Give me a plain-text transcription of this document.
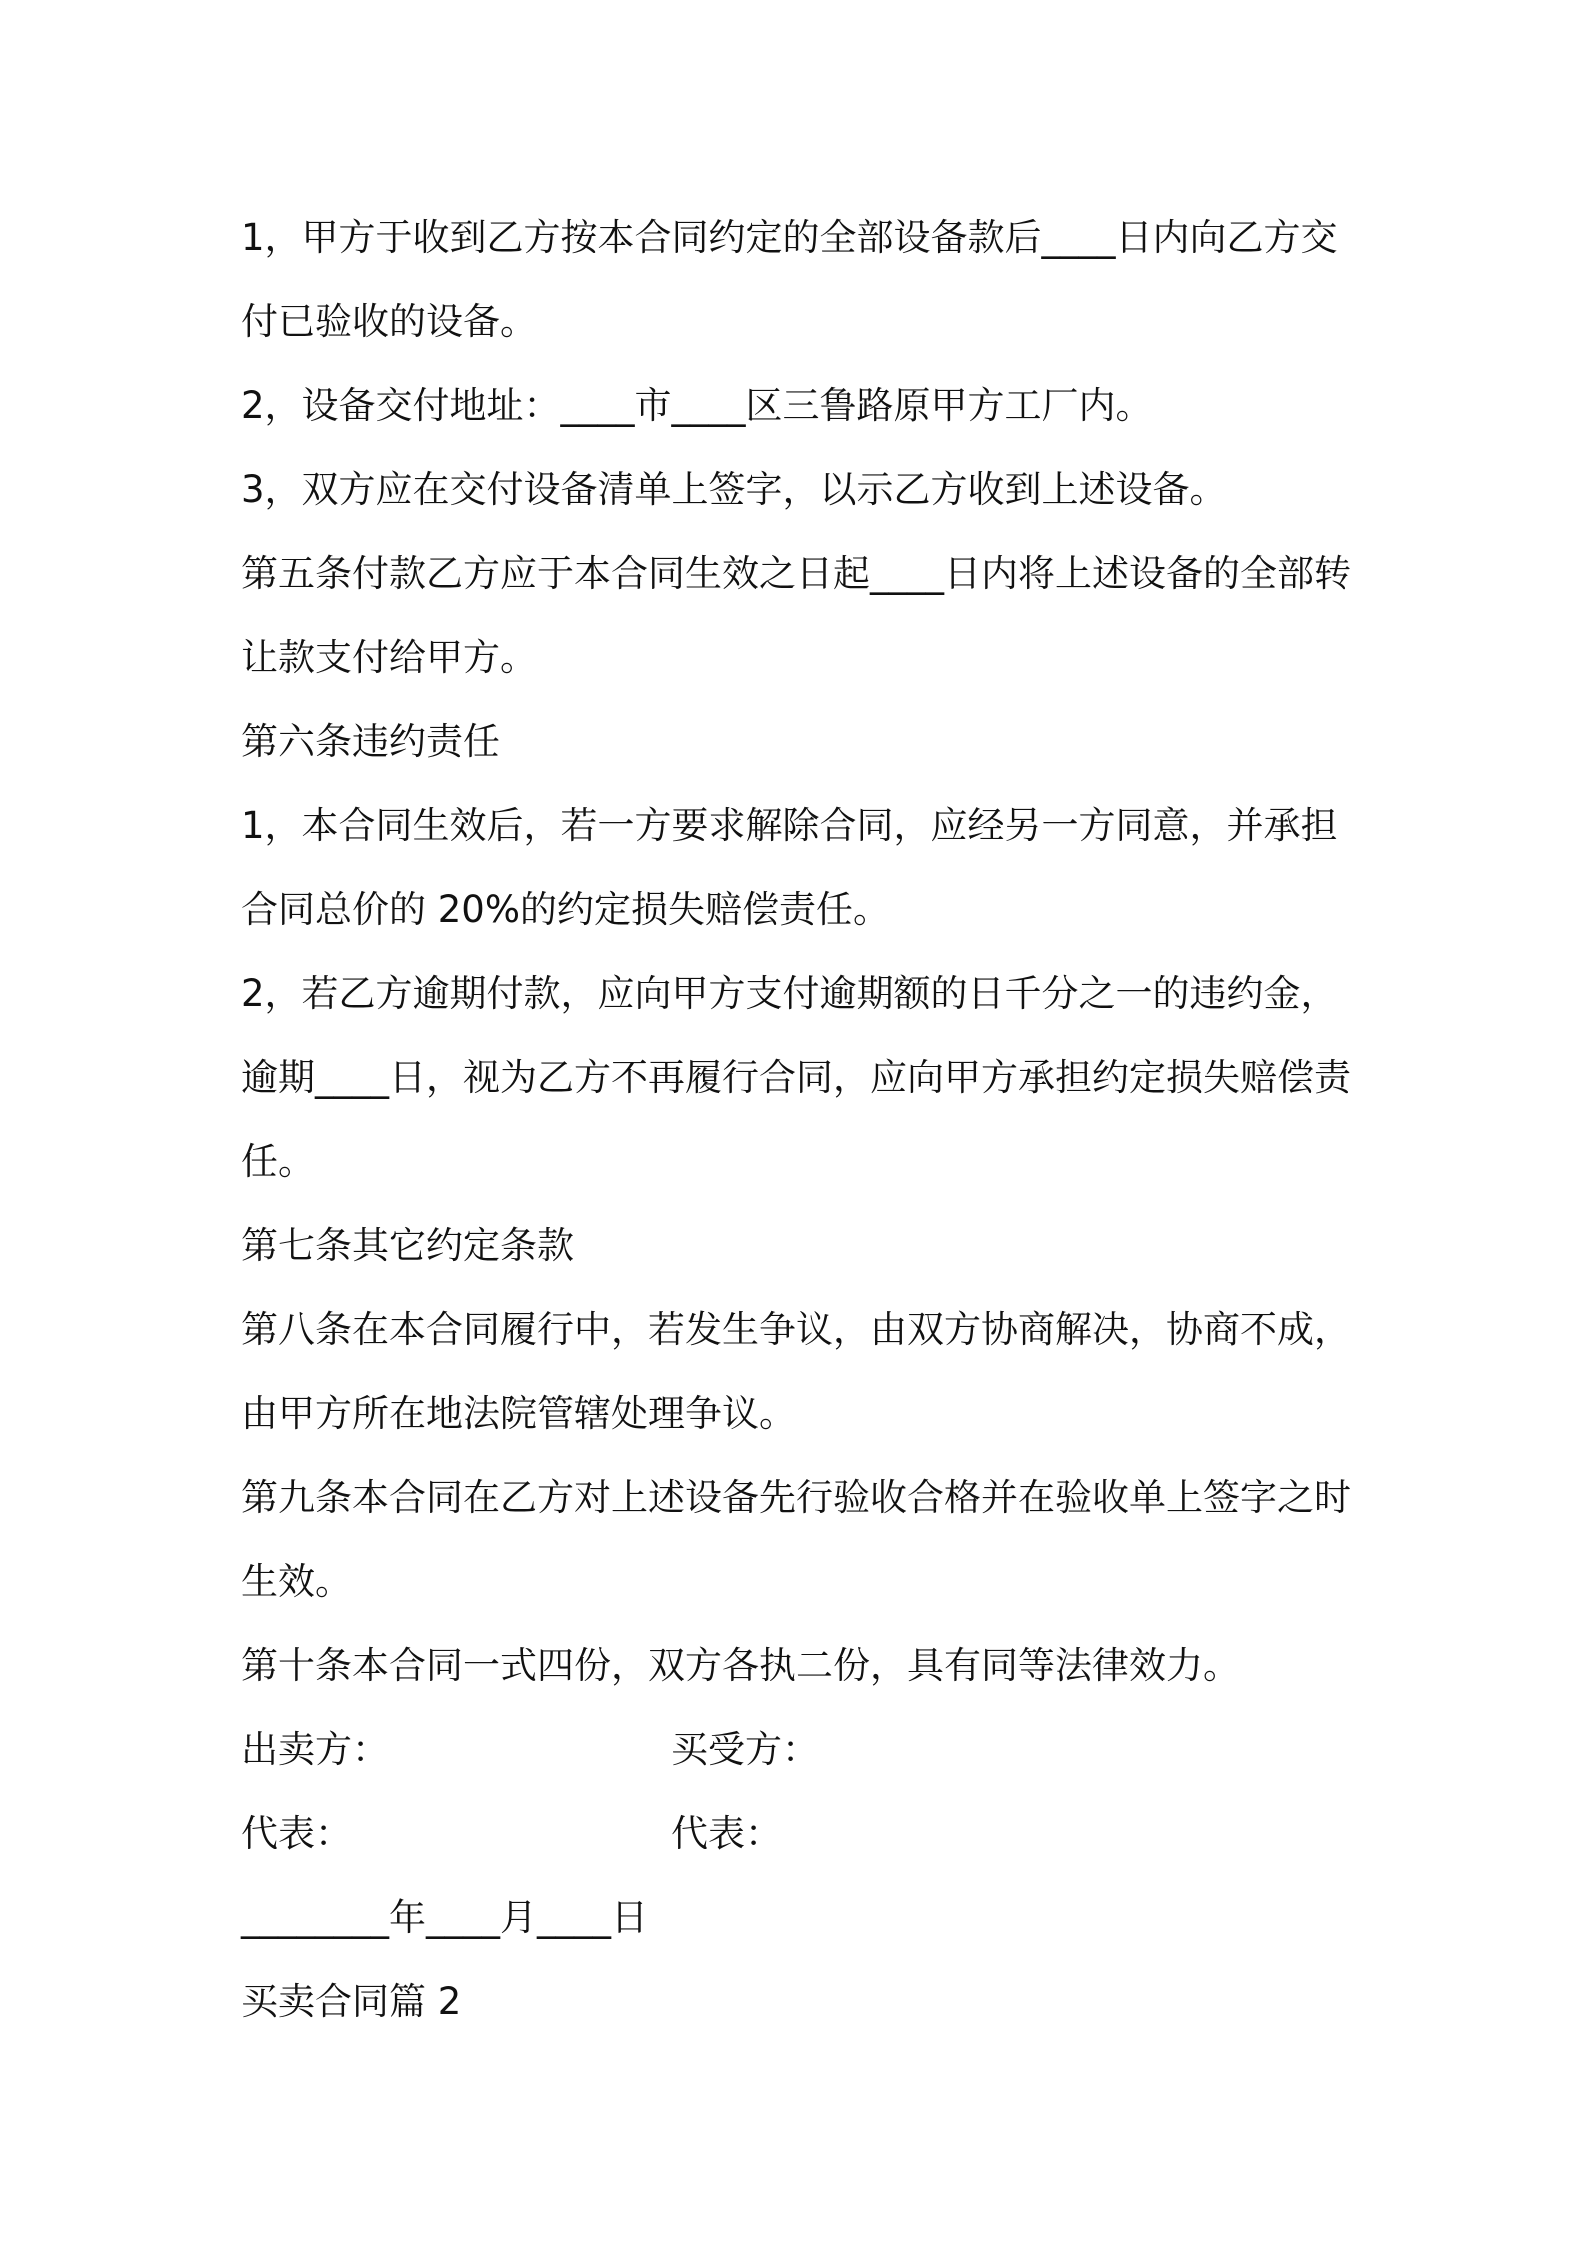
1，甲方于收到乙方按本合同约定的全部设备款后____日内向乙方交付已验收的设备。

2，设备交付地址：____市____区三鲁路原甲方工厂内。

3，双方应在交付设备清单上签字，以示乙方收到上述设备。

第五条付款乙方应于本合同生效之日起____日内将上述设备的全部转让款支付给甲方。

第六条违约责任

1，本合同生效后，若一方要求解除合同，应经另一方同意，并承担合同总价的 20%的约定损失赔偿责任。

2，若乙方逾期付款，应向甲方支付逾期额的日千分之一的违约金，逾期____日，视为乙方不再履行合同，应向甲方承担约定损失赔偿责任。

第七条其它约定条款

第八条在本合同履行中，若发生争议，由双方协商解决，协商不成，由甲方所在地法院管辖处理争议。

第九条本合同在乙方对上述设备先行验收合格并在验收单上签字之时生效。

第十条本合同一式四份，双方各执二份，具有同等法律效力。

出卖方：	买受方：
代表：	代表：

________年____月____日

买卖合同篇 2
